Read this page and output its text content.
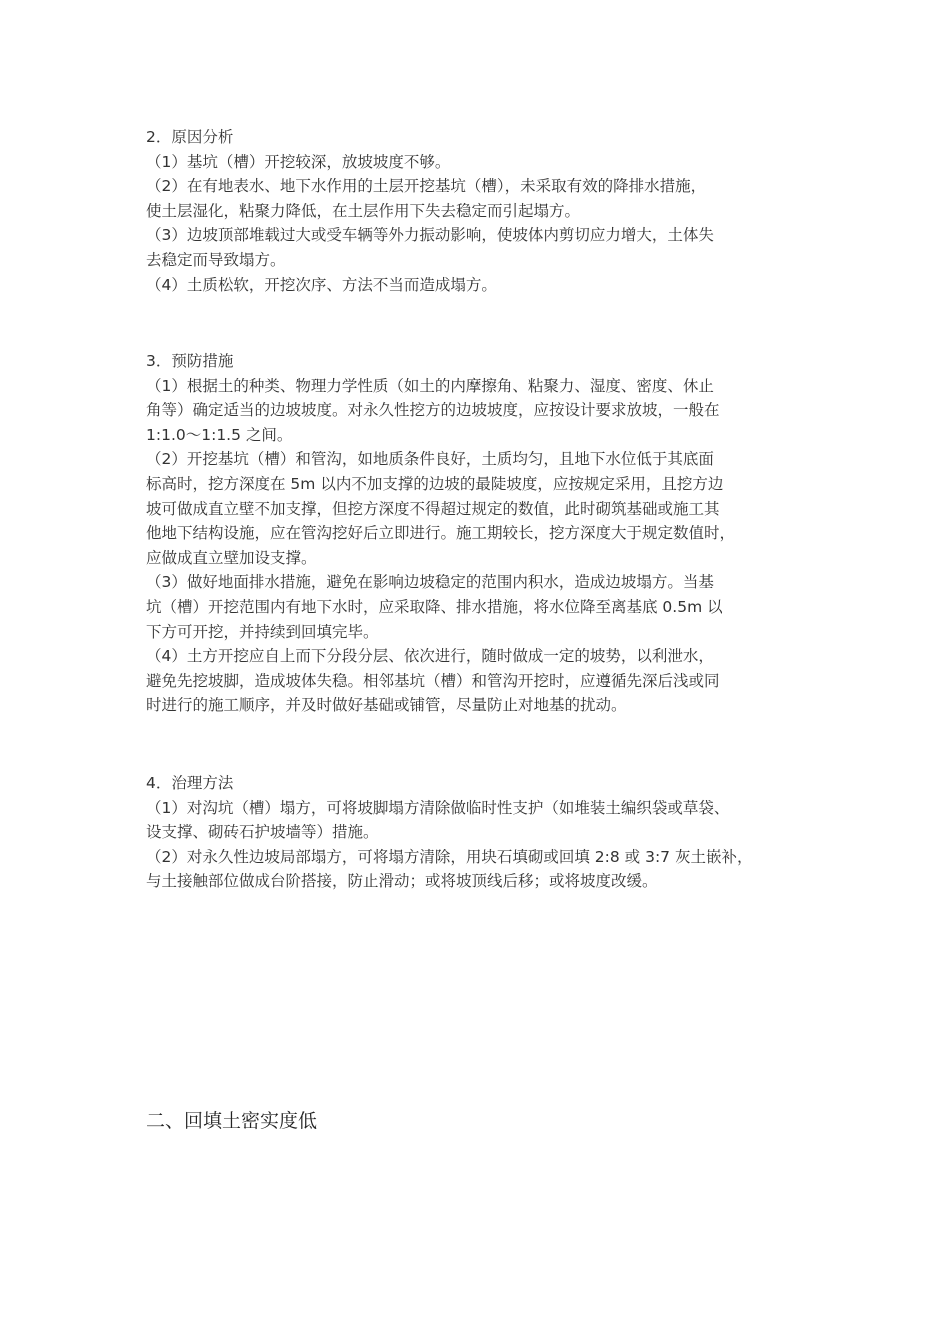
2．原因分析
（1）基坑（槽）开挖较深，放坡坡度不够。
（2）在有地表水、地下水作用的土层开挖基坑（槽），未采取有效的降排水措施，
使土层湿化，粘聚力降低，在土层作用下失去稳定而引起塌方。
（3）边坡顶部堆载过大或受车辆等外力振动影响，使坡体内剪切应力增大，土体失
去稳定而导致塌方。
（4）土质松软，开挖次序、方法不当而造成塌方。
3．预防措施
（1）根据土的种类、物理力学性质（如土的内摩擦角、粘聚力、湿度、密度、休止
角等）确定适当的边坡坡度。对永久性挖方的边坡坡度，应按设计要求放坡，一般在
1:1.0～1:1.5 之间。
（2）开挖基坑（槽）和管沟，如地质条件良好，土质均匀，且地下水位低于其底面
标高时，挖方深度在 5m 以内不加支撑的边坡的最陡坡度，应按规定采用，且挖方边
坡可做成直立壁不加支撑，但挖方深度不得超过规定的数值，此时砌筑基础或施工其
他地下结构设施，应在管沟挖好后立即进行。施工期较长，挖方深度大于规定数值时，
应做成直立壁加设支撑。
（3）做好地面排水措施，避免在影响边坡稳定的范围内积水，造成边坡塌方。当基
坑（槽）开挖范围内有地下水时，应采取降、排水措施，将水位降至离基底 0.5m 以
下方可开挖，并持续到回填完毕。
（4）土方开挖应自上而下分段分层、依次进行，随时做成一定的坡势，以利泄水，
避免先挖坡脚，造成坡体失稳。相邻基坑（槽）和管沟开挖时，应遵循先深后浅或同
时进行的施工顺序，并及时做好基础或铺管，尽量防止对地基的扰动。
4．治理方法
（1）对沟坑（槽）塌方，可将坡脚塌方清除做临时性支护（如堆装土编织袋或草袋、
设支撑、砌砖石护坡墙等）措施。
（2）对永久性边坡局部塌方，可将塌方清除，用块石填砌或回填 2:8 或 3:7 灰土嵌补，
与土接触部位做成台阶搭接，防止滑动；或将坡顶线后移；或将坡度改缓。
二、回填土密实度低
